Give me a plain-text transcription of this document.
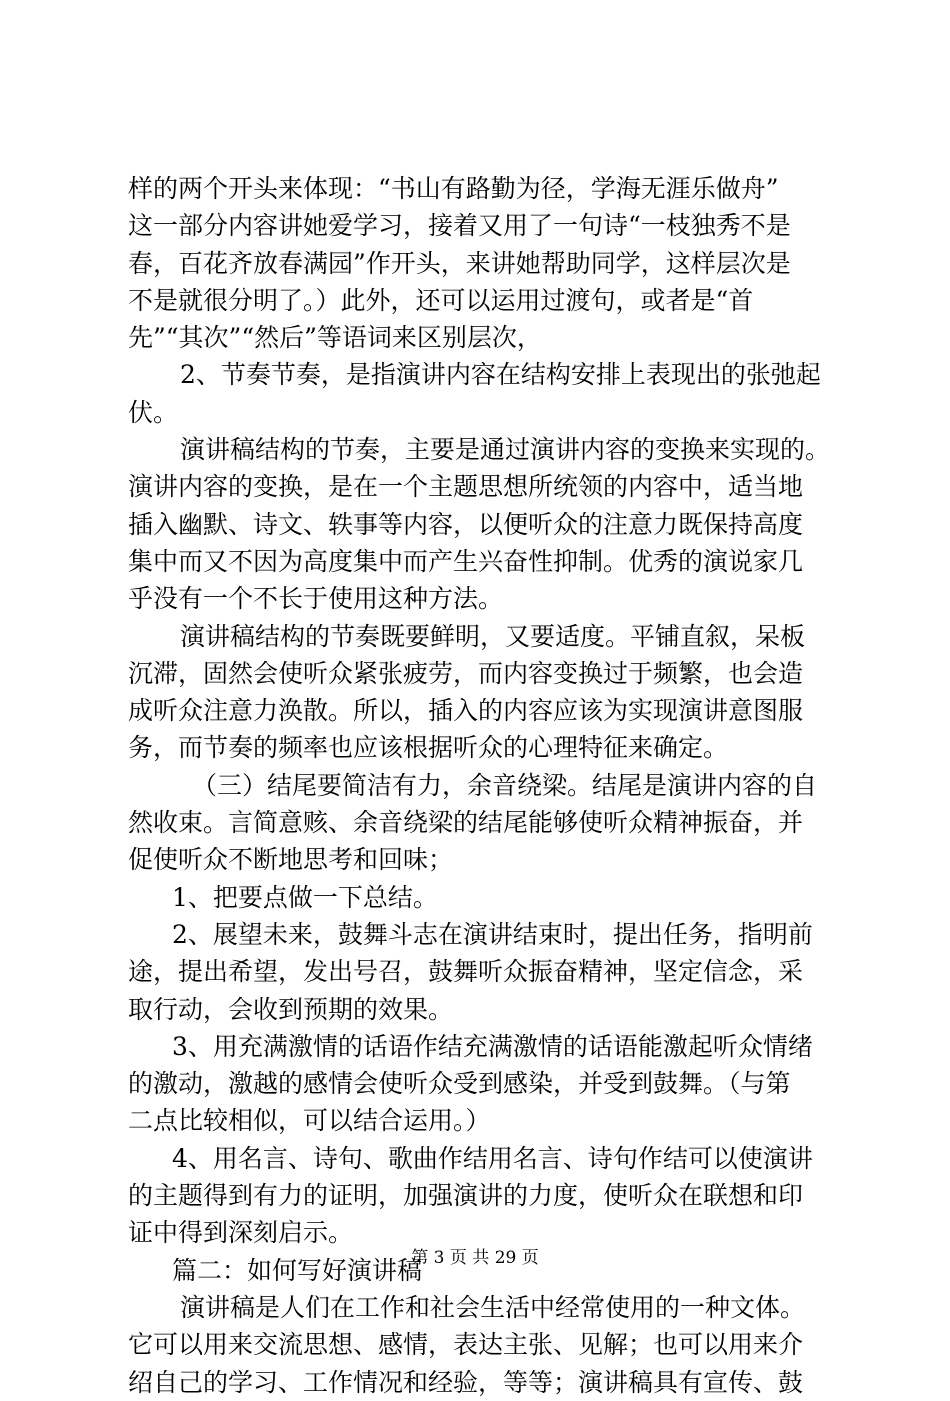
样的两个开头来体现：“书山有路勤为径，学海无涯乐做舟”
这一部分内容讲她爱学习，接着又用了一句诗“一枝独秀不是
春，百花齐放春满园”作开头，来讲她帮助同学，这样层次是
不是就很分明了。）此外，还可以运用过渡句，或者是“首
先”“其次”“然后”等语词来区别层次，
2、节奏节奏，是指演讲内容在结构安排上表现出的张弛起
伏。
演讲稿结构的节奏，主要是通过演讲内容的变换来实现的。
演讲内容的变换，是在一个主题思想所统领的内容中，适当地
插入幽默、诗文、轶事等内容，以便听众的注意力既保持高度
集中而又不因为高度集中而产生兴奋性抑制。优秀的演说家几
乎没有一个不长于使用这种方法。
演讲稿结构的节奏既要鲜明，又要适度。平铺直叙，呆板
沉滞，固然会使听众紧张疲劳，而内容变换过于频繁，也会造
成听众注意力涣散。所以，插入的内容应该为实现演讲意图服
务，而节奏的频率也应该根据听众的心理特征来确定。
（三）结尾要简洁有力，余音绕梁。结尾是演讲内容的自
然收束。言简意赅、余音绕梁的结尾能够使听众精神振奋，并
促使听众不断地思考和回味；
1、把要点做一下总结。
2、展望未来，鼓舞斗志在演讲结束时，提出任务，指明前
途，提出希望，发出号召，鼓舞听众振奋精神，坚定信念，采
取行动，会收到预期的效果。
3、用充满激情的话语作结充满激情的话语能激起听众情绪
的激动，激越的感情会使听众受到感染，并受到鼓舞。（与第
二点比较相似，可以结合运用。）
4、用名言、诗句、歌曲作结用名言、诗句作结可以使演讲
的主题得到有力的证明，加强演讲的力度，使听众在联想和印
证中得到深刻启示。
篇二：如何写好演讲稿
演讲稿是人们在工作和社会生活中经常使用的一种文体。
它可以用来交流思想、感情，表达主张、见解；也可以用来介
绍自己的学习、工作情况和经验，等等；演讲稿具有宣传、鼓
第 3 页 共 29 页
